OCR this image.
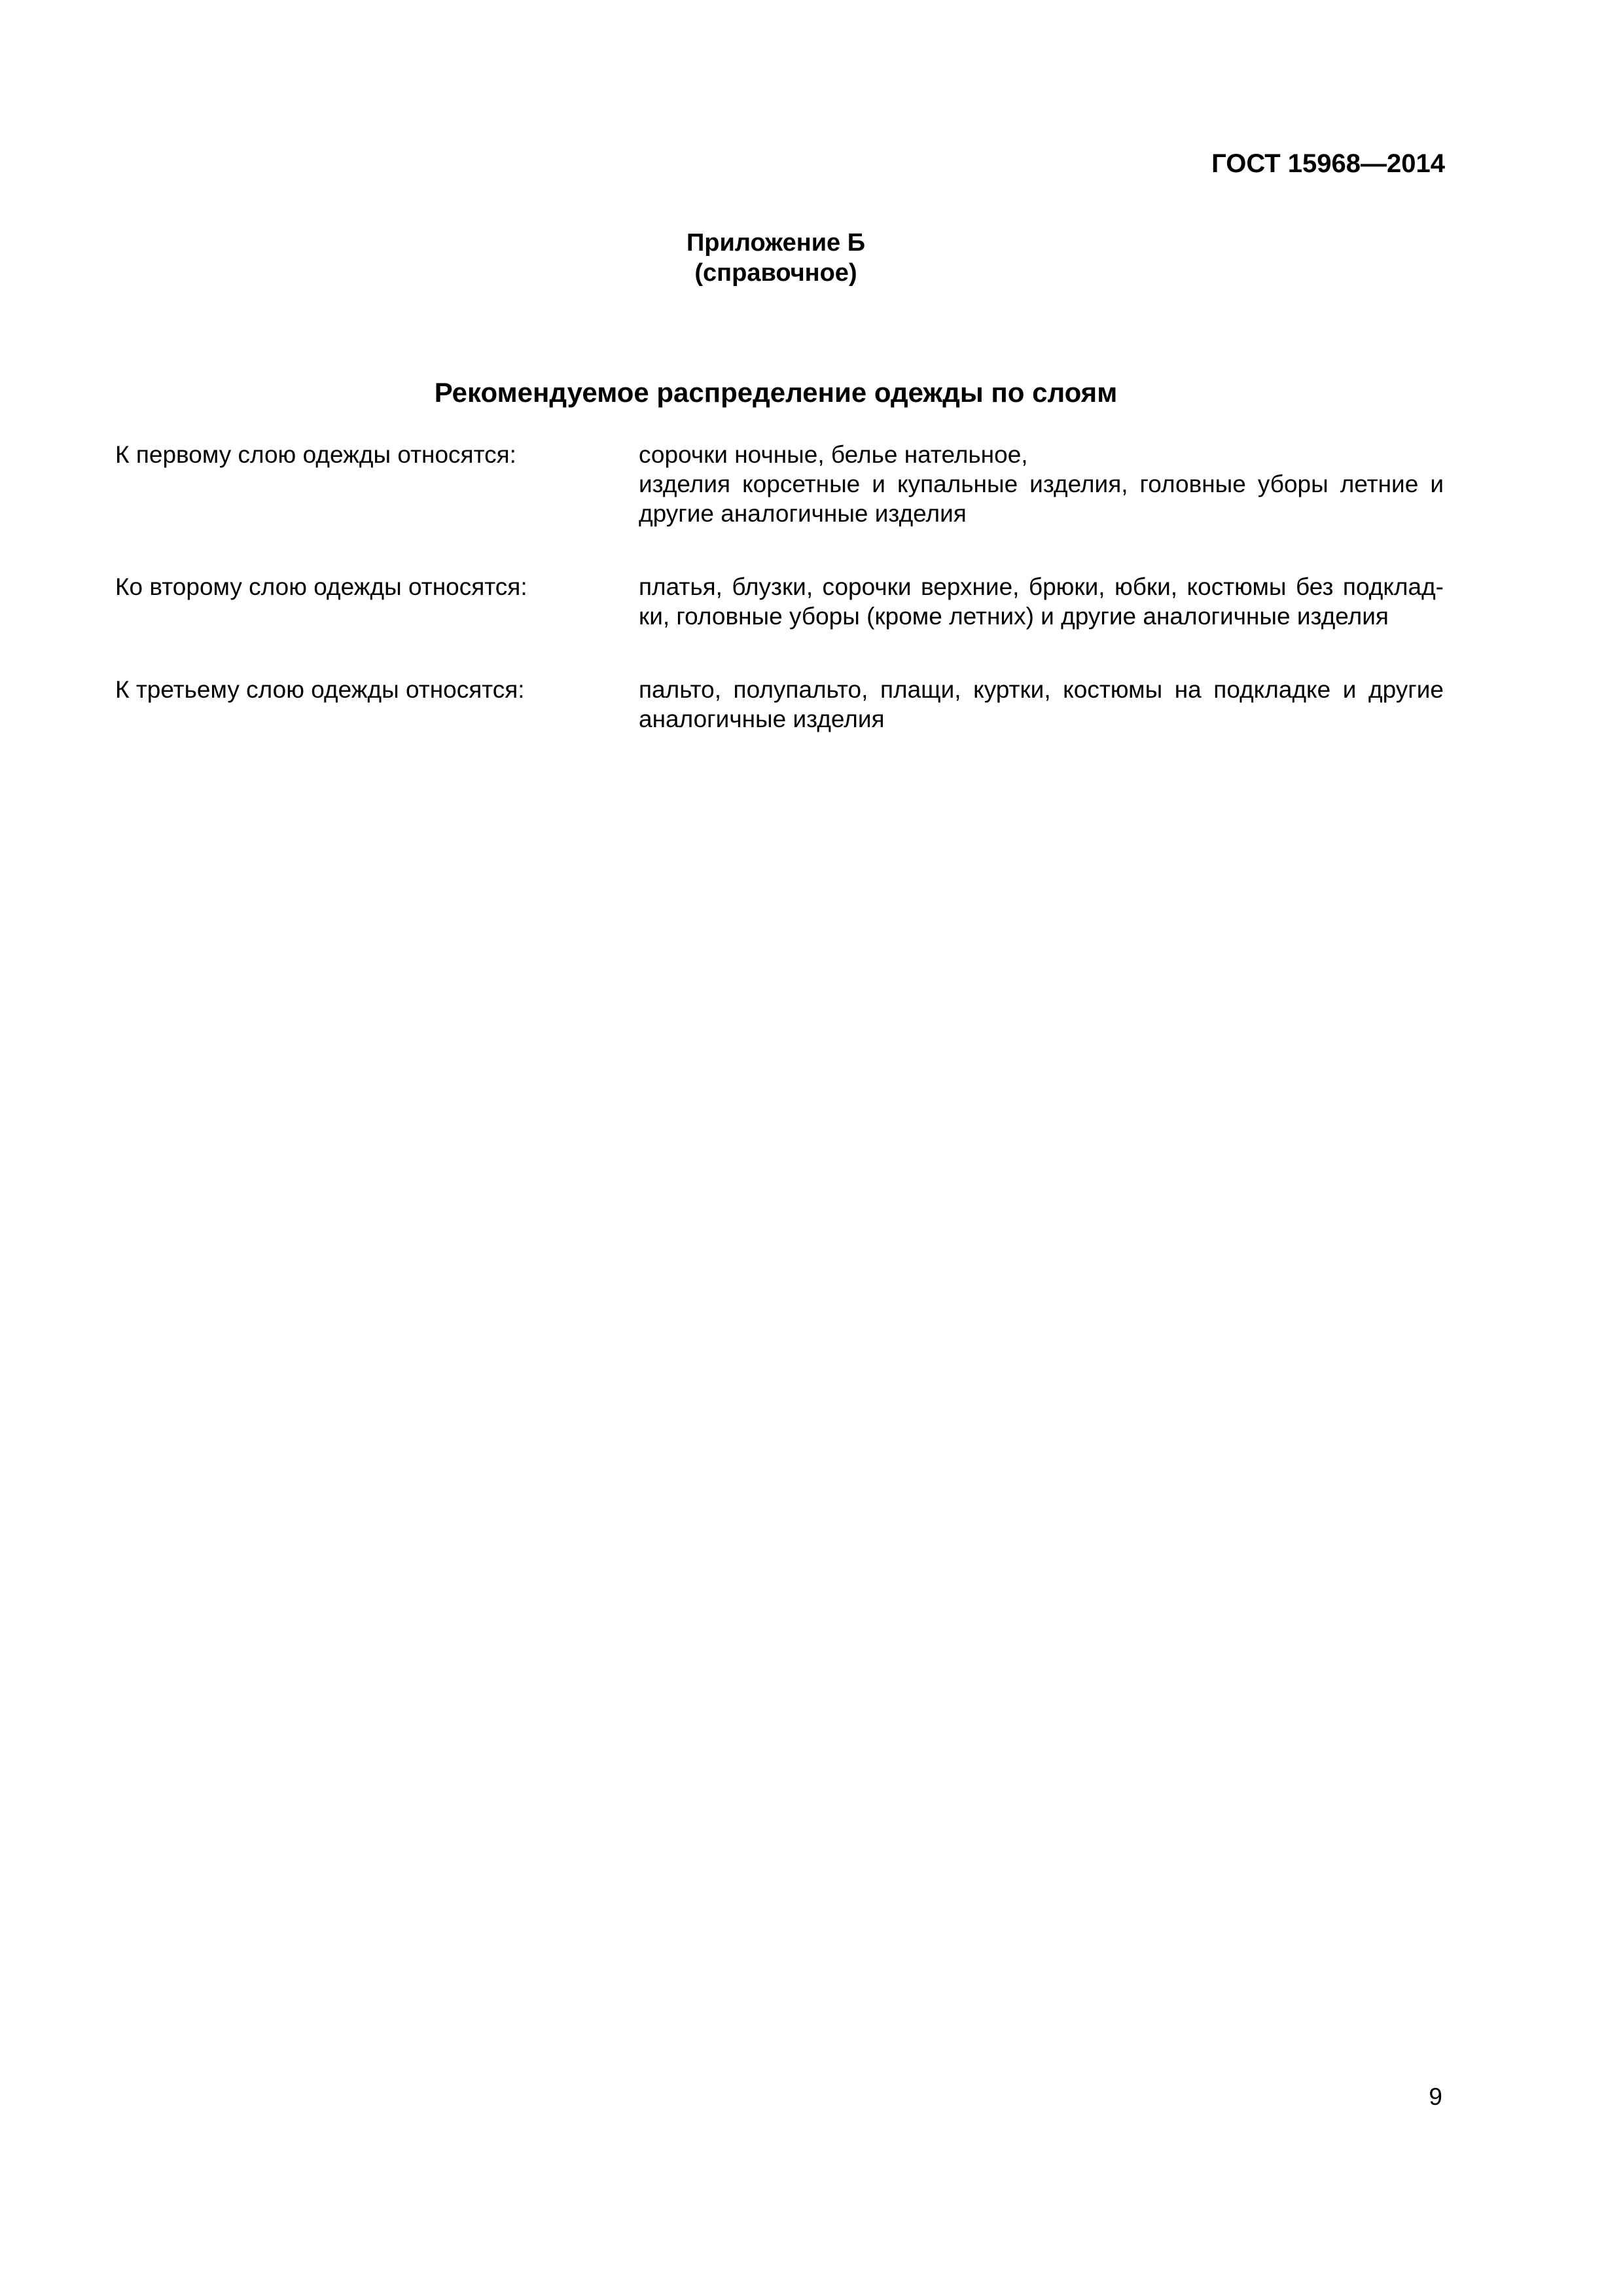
ГОСТ 15968—2014
Приложение Б
(справочное)
Рекомендуемое распределение одежды по слоям
К первому слою одежды относятся:	сорочки ночные, белье нательное,
изделия корсетные и купальные изделия, головные уборы летние и
другие аналогичные изделия
Ко второму слою одежды относятся:	платья, блузки, сорочки верхние, брюки, юбки, костюмы без подклад-
ки, головные уборы (кроме летних) и другие аналогичные изделия
К третьему слою одежды относятся:	пальто, полупальто, плащи, куртки, костюмы на подкладке и другие
аналогичные изделия
9
